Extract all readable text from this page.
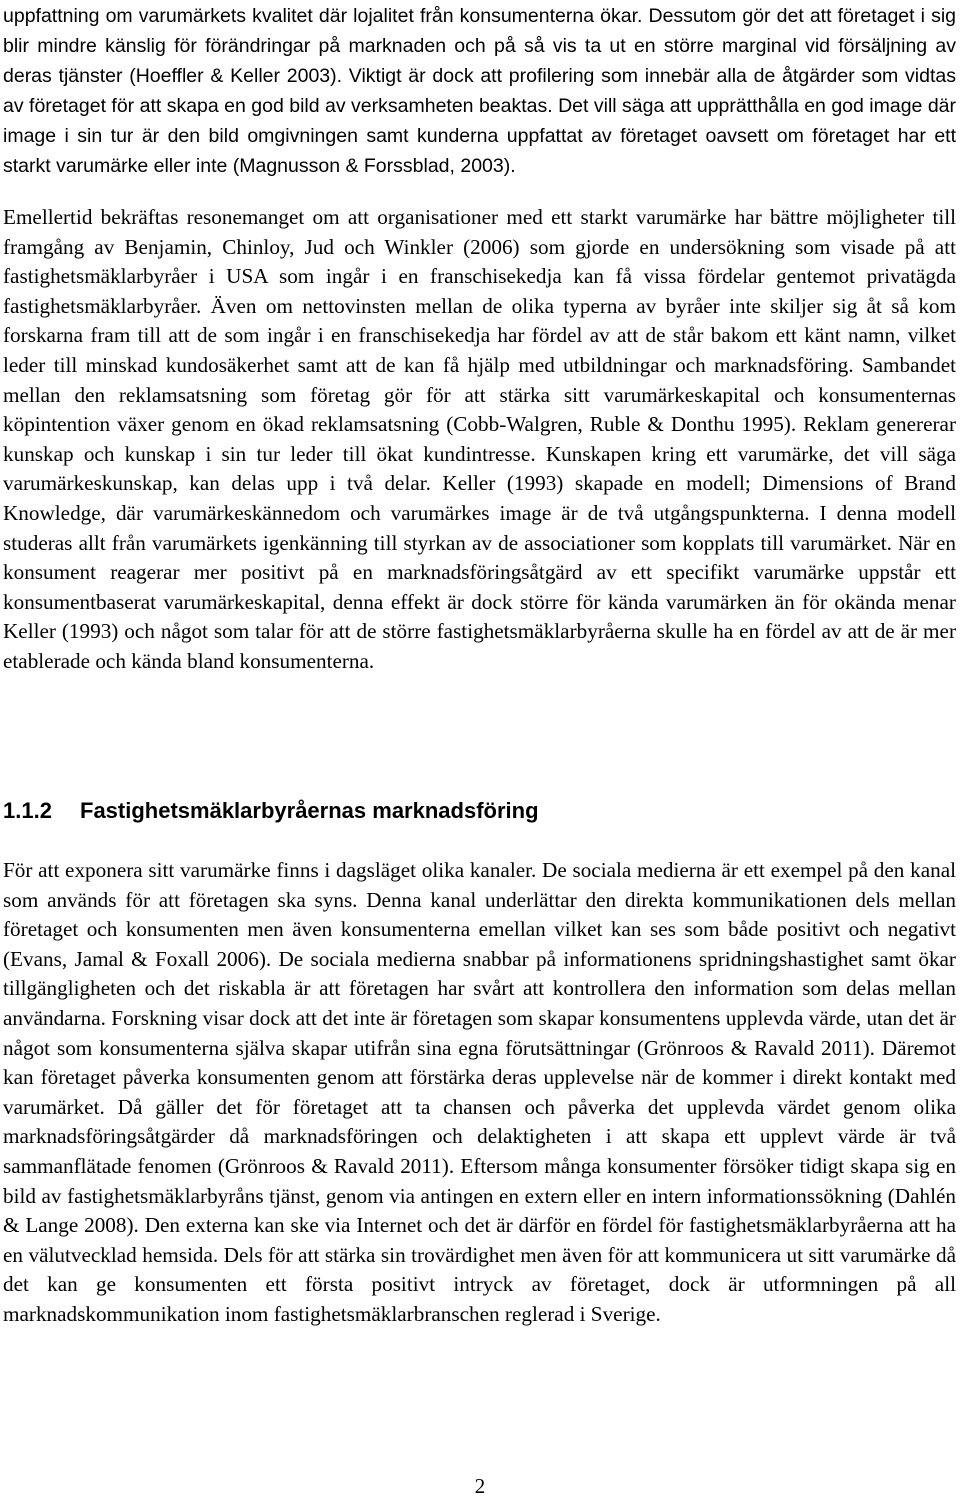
uppfattning om varumärkets kvalitet där lojalitet från konsumenterna ökar. Dessutom gör det att företaget i sig blir mindre känslig för förändringar på marknaden och på så vis ta ut en större marginal vid försäljning av deras tjänster (Hoeffler & Keller 2003). Viktigt är dock att profilering som innebär alla de åtgärder som vidtas av företaget för att skapa en god bild av verksamheten beaktas. Det vill säga att upprätthålla en god image där image i sin tur är den bild omgivningen samt kunderna uppfattat av företaget oavsett om företaget har ett starkt varumärke eller inte (Magnusson & Forssblad, 2003).

Emellertid bekräftas resonemanget om att organisationer med ett starkt varumärke har bättre möjligheter till framgång av Benjamin, Chinloy, Jud och Winkler (2006) som gjorde en undersökning som visade på att fastighetsmäklarbyråer i USA som ingår i en franschisekedja kan få vissa fördelar gentemot privatägda fastighetsmäklarbyråer. Även om nettovinsten mellan de olika typerna av byråer inte skiljer sig åt så kom forskarna fram till att de som ingår i en franschisekedja har fördel av att de står bakom ett känt namn, vilket leder till minskad kundosäkerhet samt att de kan få hjälp med utbildningar och marknadsföring. Sambandet mellan den reklamsatsning som företag gör för att stärka sitt varumärkeskapital och konsumenternas köpintention växer genom en ökad reklamsatsning (Cobb-Walgren, Ruble & Donthu 1995). Reklam genererar kunskap och kunskap i sin tur leder till ökat kundintresse. Kunskapen kring ett varumärke, det vill säga varumärkeskunskap, kan delas upp i två delar. Keller (1993) skapade en modell; Dimensions of Brand Knowledge, där varumärkeskännedom och varumärkes image är de två utgångspunkterna. I denna modell studeras allt från varumärkets igenkänning till styrkan av de associationer som kopplats till varumärket. När en konsument reagerar mer positivt på en marknadsföringsåtgärd av ett specifikt varumärke uppstår ett konsumentbaserat varumärkeskapital, denna effekt är dock större för kända varumärken än för okända menar Keller (1993) och något som talar för att de större fastighetsmäklarbyråerna skulle ha en fördel av att de är mer etablerade och kända bland konsumenterna.

1.1.2 Fastighetsmäklarbyråernas marknadsföring

För att exponera sitt varumärke finns i dagsläget olika kanaler. De sociala medierna är ett exempel på den kanal som används för att företagen ska syns. Denna kanal underlättar den direkta kommunikationen dels mellan företaget och konsumenten men även konsumenterna emellan vilket kan ses som både positivt och negativt (Evans, Jamal & Foxall 2006). De sociala medierna snabbar på informationens spridningshastighet samt ökar tillgängligheten och det riskabla är att företagen har svårt att kontrollera den information som delas mellan användarna. Forskning visar dock att det inte är företagen som skapar konsumentens upplevda värde, utan det är något som konsumenterna själva skapar utifrån sina egna förutsättningar (Grönroos & Ravald 2011). Däremot kan företaget påverka konsumenten genom att förstärka deras upplevelse när de kommer i direkt kontakt med varumärket. Då gäller det för företaget att ta chansen och påverka det upplevda värdet genom olika marknadsföringsåtgärder då marknadsföringen och delaktigheten i att skapa ett upplevt värde är två sammanflätade fenomen (Grönroos & Ravald 2011). Eftersom många konsumenter försöker tidigt skapa sig en bild av fastighetsmäklarbyråns tjänst, genom via antingen en extern eller en intern informationssökning (Dahlén & Lange 2008). Den externa kan ske via Internet och det är därför en fördel för fastighetsmäklarbyråerna att ha en välutvecklad hemsida. Dels för att stärka sin trovärdighet men även för att kommunicera ut sitt varumärke då det kan ge konsumenten ett första positivt intryck av företaget, dock är utformningen på all marknadskommunikation inom fastighetsmäklarbranschen reglerad i Sverige.

2
